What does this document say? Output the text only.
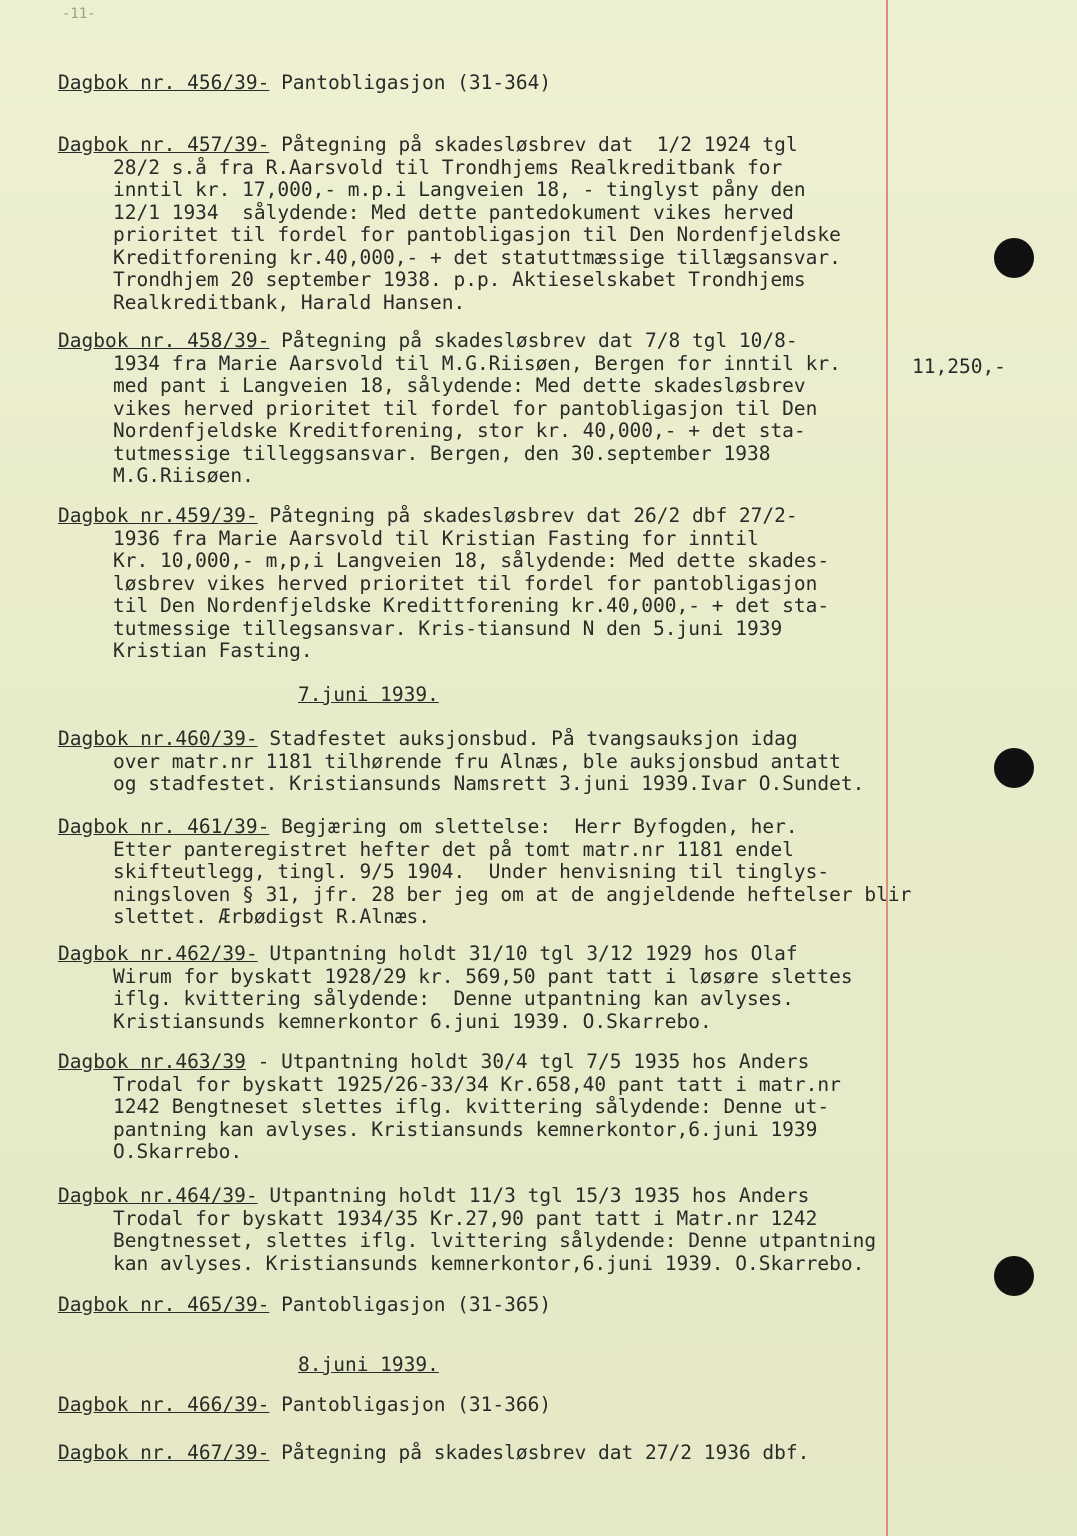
-11-
Dagbok nr. 456/39- Pantobligasjon (31-364)
Dagbok nr. 457/39- Påtegning på skadesløsbrev dat  1/2 1924 tgl
28/2 s.å fra R.Aarsvold til Trondhjems Realkreditbank for
inntil kr. 17,000,- m.p.i Langveien 18, - tinglyst påny den
12/1 1934  sålydende: Med dette pantedokument vikes herved
prioritet til fordel for pantobligasjon til Den Nordenfjeldske
Kreditforening kr.40,000,- + det statuttmæssige tillægsansvar.
Trondhjem 20 september 1938. p.p. Aktieselskabet Trondhjems
Realkreditbank, Harald Hansen.
Dagbok nr. 458/39- Påtegning på skadesløsbrev dat 7/8 tgl 10/8-
1934 fra Marie Aarsvold til M.G.Riisøen, Bergen for inntil kr.
med pant i Langveien 18, sålydende: Med dette skadesløsbrev
vikes herved prioritet til fordel for pantobligasjon til Den
Nordenfjeldske Kreditforening, stor kr. 40,000,- + det sta-
tutmessige tilleggsansvar. Bergen, den 30.september 1938
M.G.Riisøen.
Dagbok nr.459/39- Påtegning på skadesløsbrev dat 26/2 dbf 27/2-
1936 fra Marie Aarsvold til Kristian Fasting for inntil
Kr. 10,000,- m,p,i Langveien 18, sålydende: Med dette skades-
løsbrev vikes herved prioritet til fordel for pantobligasjon
til Den Nordenfjeldske Kredittforening kr.40,000,- + det sta-
tutmessige tillegsansvar. Kris-tiansund N den 5.juni 1939
Kristian Fasting.
Dagbok nr.460/39- Stadfestet auksjonsbud. På tvangsauksjon idag
over matr.nr 1181 tilhørende fru Alnæs, ble auksjonsbud antatt
og stadfestet. Kristiansunds Namsrett 3.juni 1939.Ivar O.Sundet.
Dagbok nr. 461/39- Begjæring om slettelse:  Herr Byfogden, her.
Etter panteregistret hefter det på tomt matr.nr 1181 endel
skifteutlegg, tingl. 9/5 1904.  Under henvisning til tinglys-
ningsloven § 31, jfr. 28 ber jeg om at de angjeldende heftelser blir
slettet. Ærbødigst R.Alnæs.
Dagbok nr.462/39- Utpantning holdt 31/10 tgl 3/12 1929 hos Olaf
Wirum for byskatt 1928/29 kr. 569,50 pant tatt i løsøre slettes
iflg. kvittering sålydende:  Denne utpantning kan avlyses.
Kristiansunds kemnerkontor 6.juni 1939. O.Skarrebo.
Dagbok nr.463/39 - Utpantning holdt 30/4 tgl 7/5 1935 hos Anders
Trodal for byskatt 1925/26-33/34 Kr.658,40 pant tatt i matr.nr
1242 Bengtneset slettes iflg. kvittering sålydende: Denne ut-
pantning kan avlyses. Kristiansunds kemnerkontor,6.juni 1939
O.Skarrebo.
Dagbok nr.464/39- Utpantning holdt 11/3 tgl 15/3 1935 hos Anders
Trodal for byskatt 1934/35 Kr.27,90 pant tatt i Matr.nr 1242
Bengtnesset, slettes iflg. lvittering sålydende: Denne utpantning
kan avlyses. Kristiansunds kemnerkontor,6.juni 1939. O.Skarrebo.
Dagbok nr. 465/39- Pantobligasjon (31-365)
Dagbok nr. 466/39- Pantobligasjon (31-366)
Dagbok nr. 467/39- Påtegning på skadesløsbrev dat 27/2 1936 dbf.
7.juni 1939.
8.juni 1939.
11,250,-
